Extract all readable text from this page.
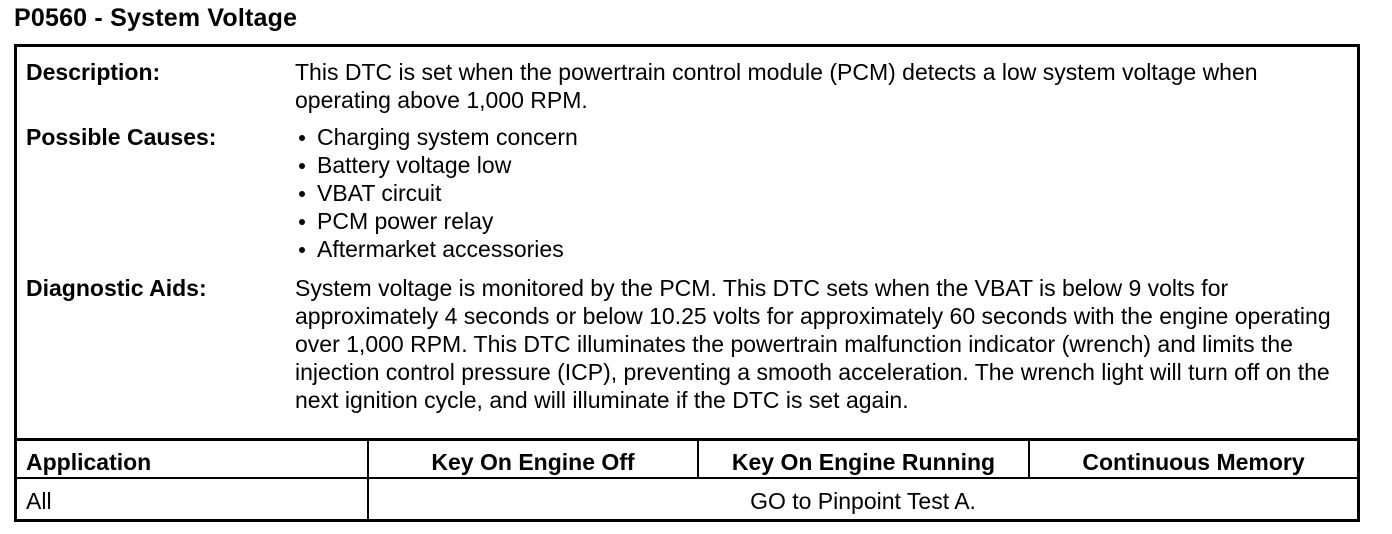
P0560 - System Voltage
Description:	This DTC is set when the powertrain control module (PCM) detects a low system voltage when operating above 1,000 RPM.
Possible Causes:	Charging system concern
Battery voltage low
VBAT circuit
PCM power relay
Aftermarket accessories
Diagnostic Aids:	System voltage is monitored by the PCM. This DTC sets when the VBAT is below 9 volts for approximately 4 seconds or below 10.25 volts for approximately 60 seconds with the engine operating over 1,000 RPM. This DTC illuminates the powertrain malfunction indicator (wrench) and limits the injection control pressure (ICP), preventing a smooth acceleration. The wrench light will turn off on the next ignition cycle, and will illuminate if the DTC is set again.
Application	Key On Engine Off	Key On Engine Running	Continuous Memory
All	GO to Pinpoint Test A.
